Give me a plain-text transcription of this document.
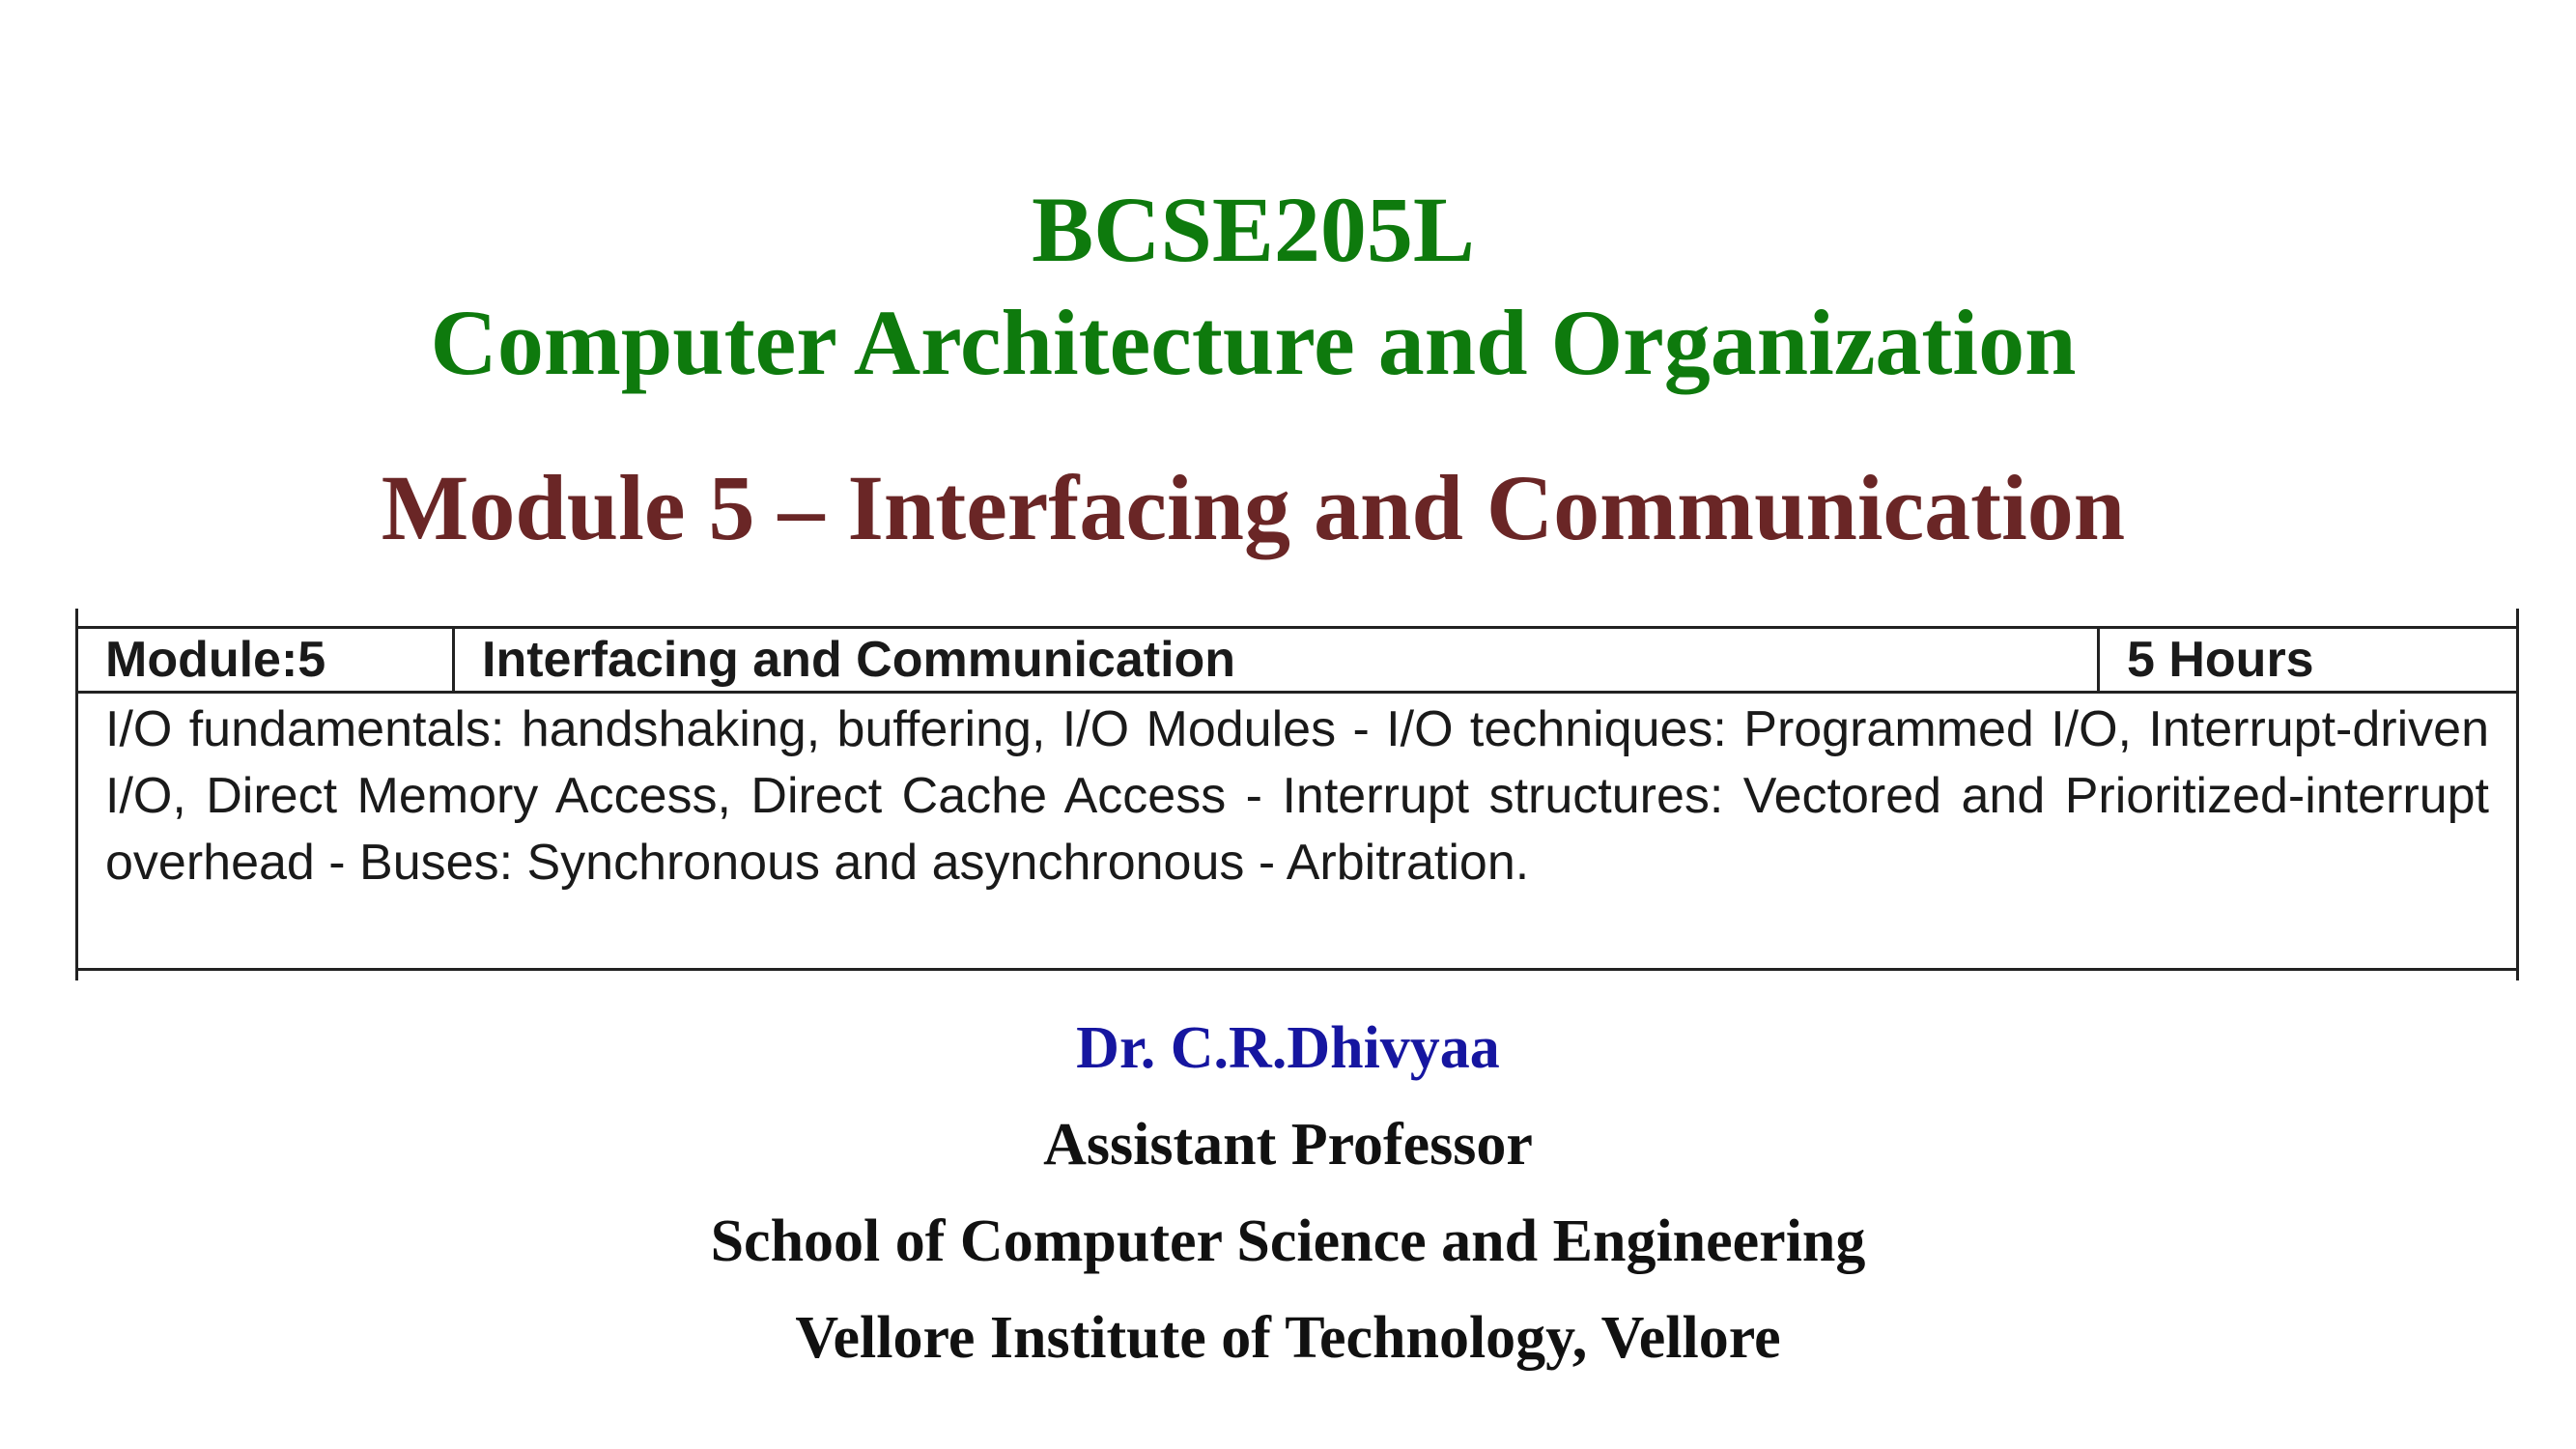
BCSE205L
Computer Architecture and Organization
Module 5 – Interfacing and Communication
Module:5	Interfacing and Communication	5 Hours
I/O fundamentals: handshaking, buffering, I/O Modules - I/O techniques: Programmed I/O, Interrupt-driven I/O, Direct Memory Access, Direct Cache Access - Interrupt structures: Vectored and Prioritized-interrupt overhead - Buses: Synchronous and asynchronous - Arbitration.
Dr. C.R.Dhivyaa
Assistant Professor
School of Computer Science and Engineering
Vellore Institute of Technology, Vellore
